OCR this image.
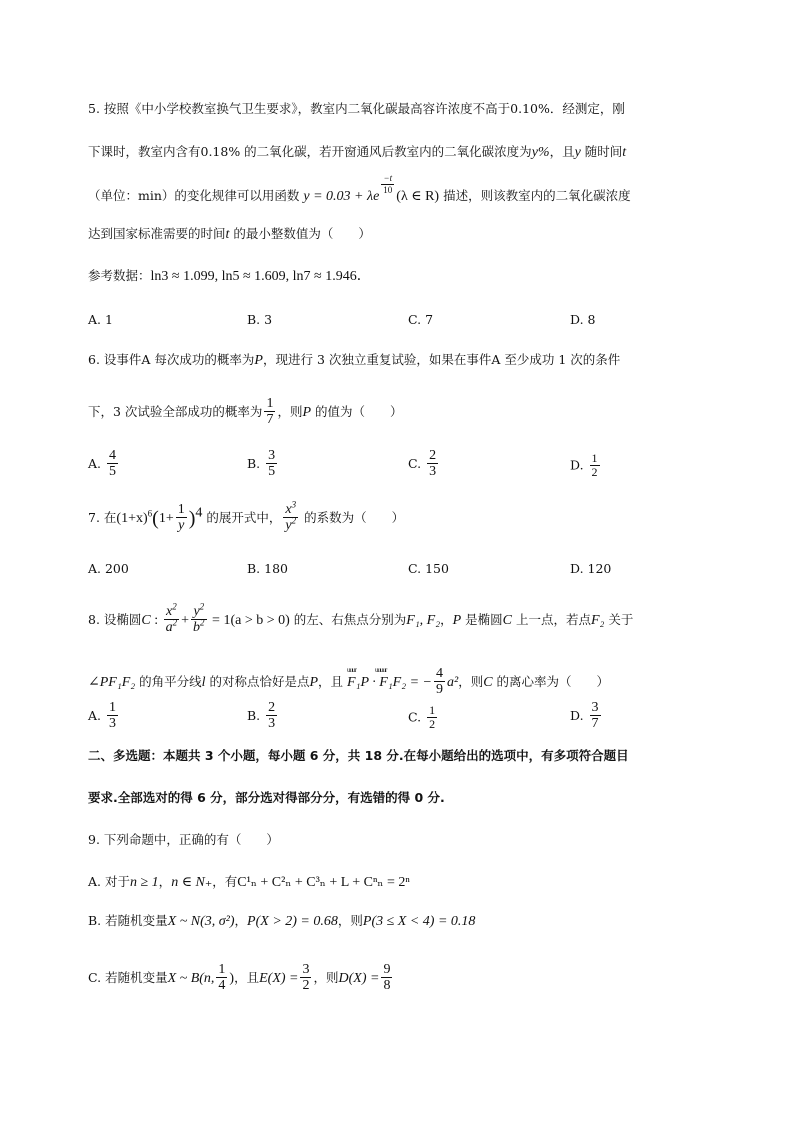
5. 按照《中小学校教室换气卫生要求》，教室内二氧化碳最高容许浓度不高于0.10%．经测定，刚
下课时，教室内含有0.18% 的二氧化碳，若开窗通风后教室内的二氧化碳浓度为y%，且y 随时间t
（单位：min）的变化规律可以用函数 y = 0.03 + λe
$\frac{-t}{10}$
(λ ∈ R) 描述，则该教室内的二氧化碳浓度
达到国家标准需要的时间t 的最小整数值为（　　）
参考数据：ln3 ≈ 1.099, ln5 ≈ 1.609, ln7 ≈ 1.946．
A. 1	B. 3	C. 7	D. 8
6. 设事件A 每次成功的概率为P，现进行 3 次独立重复试验，如果在事件A 至少成功 1 次的条件
下，3 次试验全部成功的概率为 $\frac{1}{7}$ ，则P 的值为（　　）
A. $\frac{4}{5}$	B. $\frac{3}{5}$	C. $\frac{2}{3}$	D. $\frac{1}{2}$
7. 在$(1+x)^6(1+ \frac{1}{y} )^4$ 的展开式中， $\frac{x^3}{y^2}$ 的系数为（　　）
A. 200	B. 180	C. 150	D. 120
8. 设椭圆C : $\frac{x^2}{a^2} + \frac{y^2}{b^2} = 1(a > b > 0)$ 的左、右焦点分别为F₁, F₂，P 是椭圆C 上一点，若点F₂ 关于
∠PF₁F₂ 的角平分线l 的对称点恰好是点P，且
uuur	uuuur
F₁P · F₁F₂ = − $\frac{4}{9} a^2$，则C 的离心率为（　　）
A. $\frac{1}{3}$	B. $\frac{2}{3}$	C. $\frac{1}{2}$	D. $\frac{3}{7}$
二、多选题：本题共 3 个小题，每小题 6 分，共 18 分.在每小题给出的选项中，有多项符合题目
要求.全部选对的得 6 分，部分选对得部分分，有选错的得 0 分.
9. 下列命题中，正确的有（　　）
A. 对于n ≥ 1，n ∈ N₊，有C¹ₙ + C²ₙ + C³ₙ + L + Cⁿₙ = 2ⁿ
B. 若随机变量X ~ N(3, σ²)，P(X > 2) = 0.68，则P(3 ≤ X < 4) = 0.18
C. 若随机变量X ~ B(n, $\frac{1}{4}$ )，且$E(X) = \frac{3}{2}$ ，则$D(X) = \frac{9}{8}$
